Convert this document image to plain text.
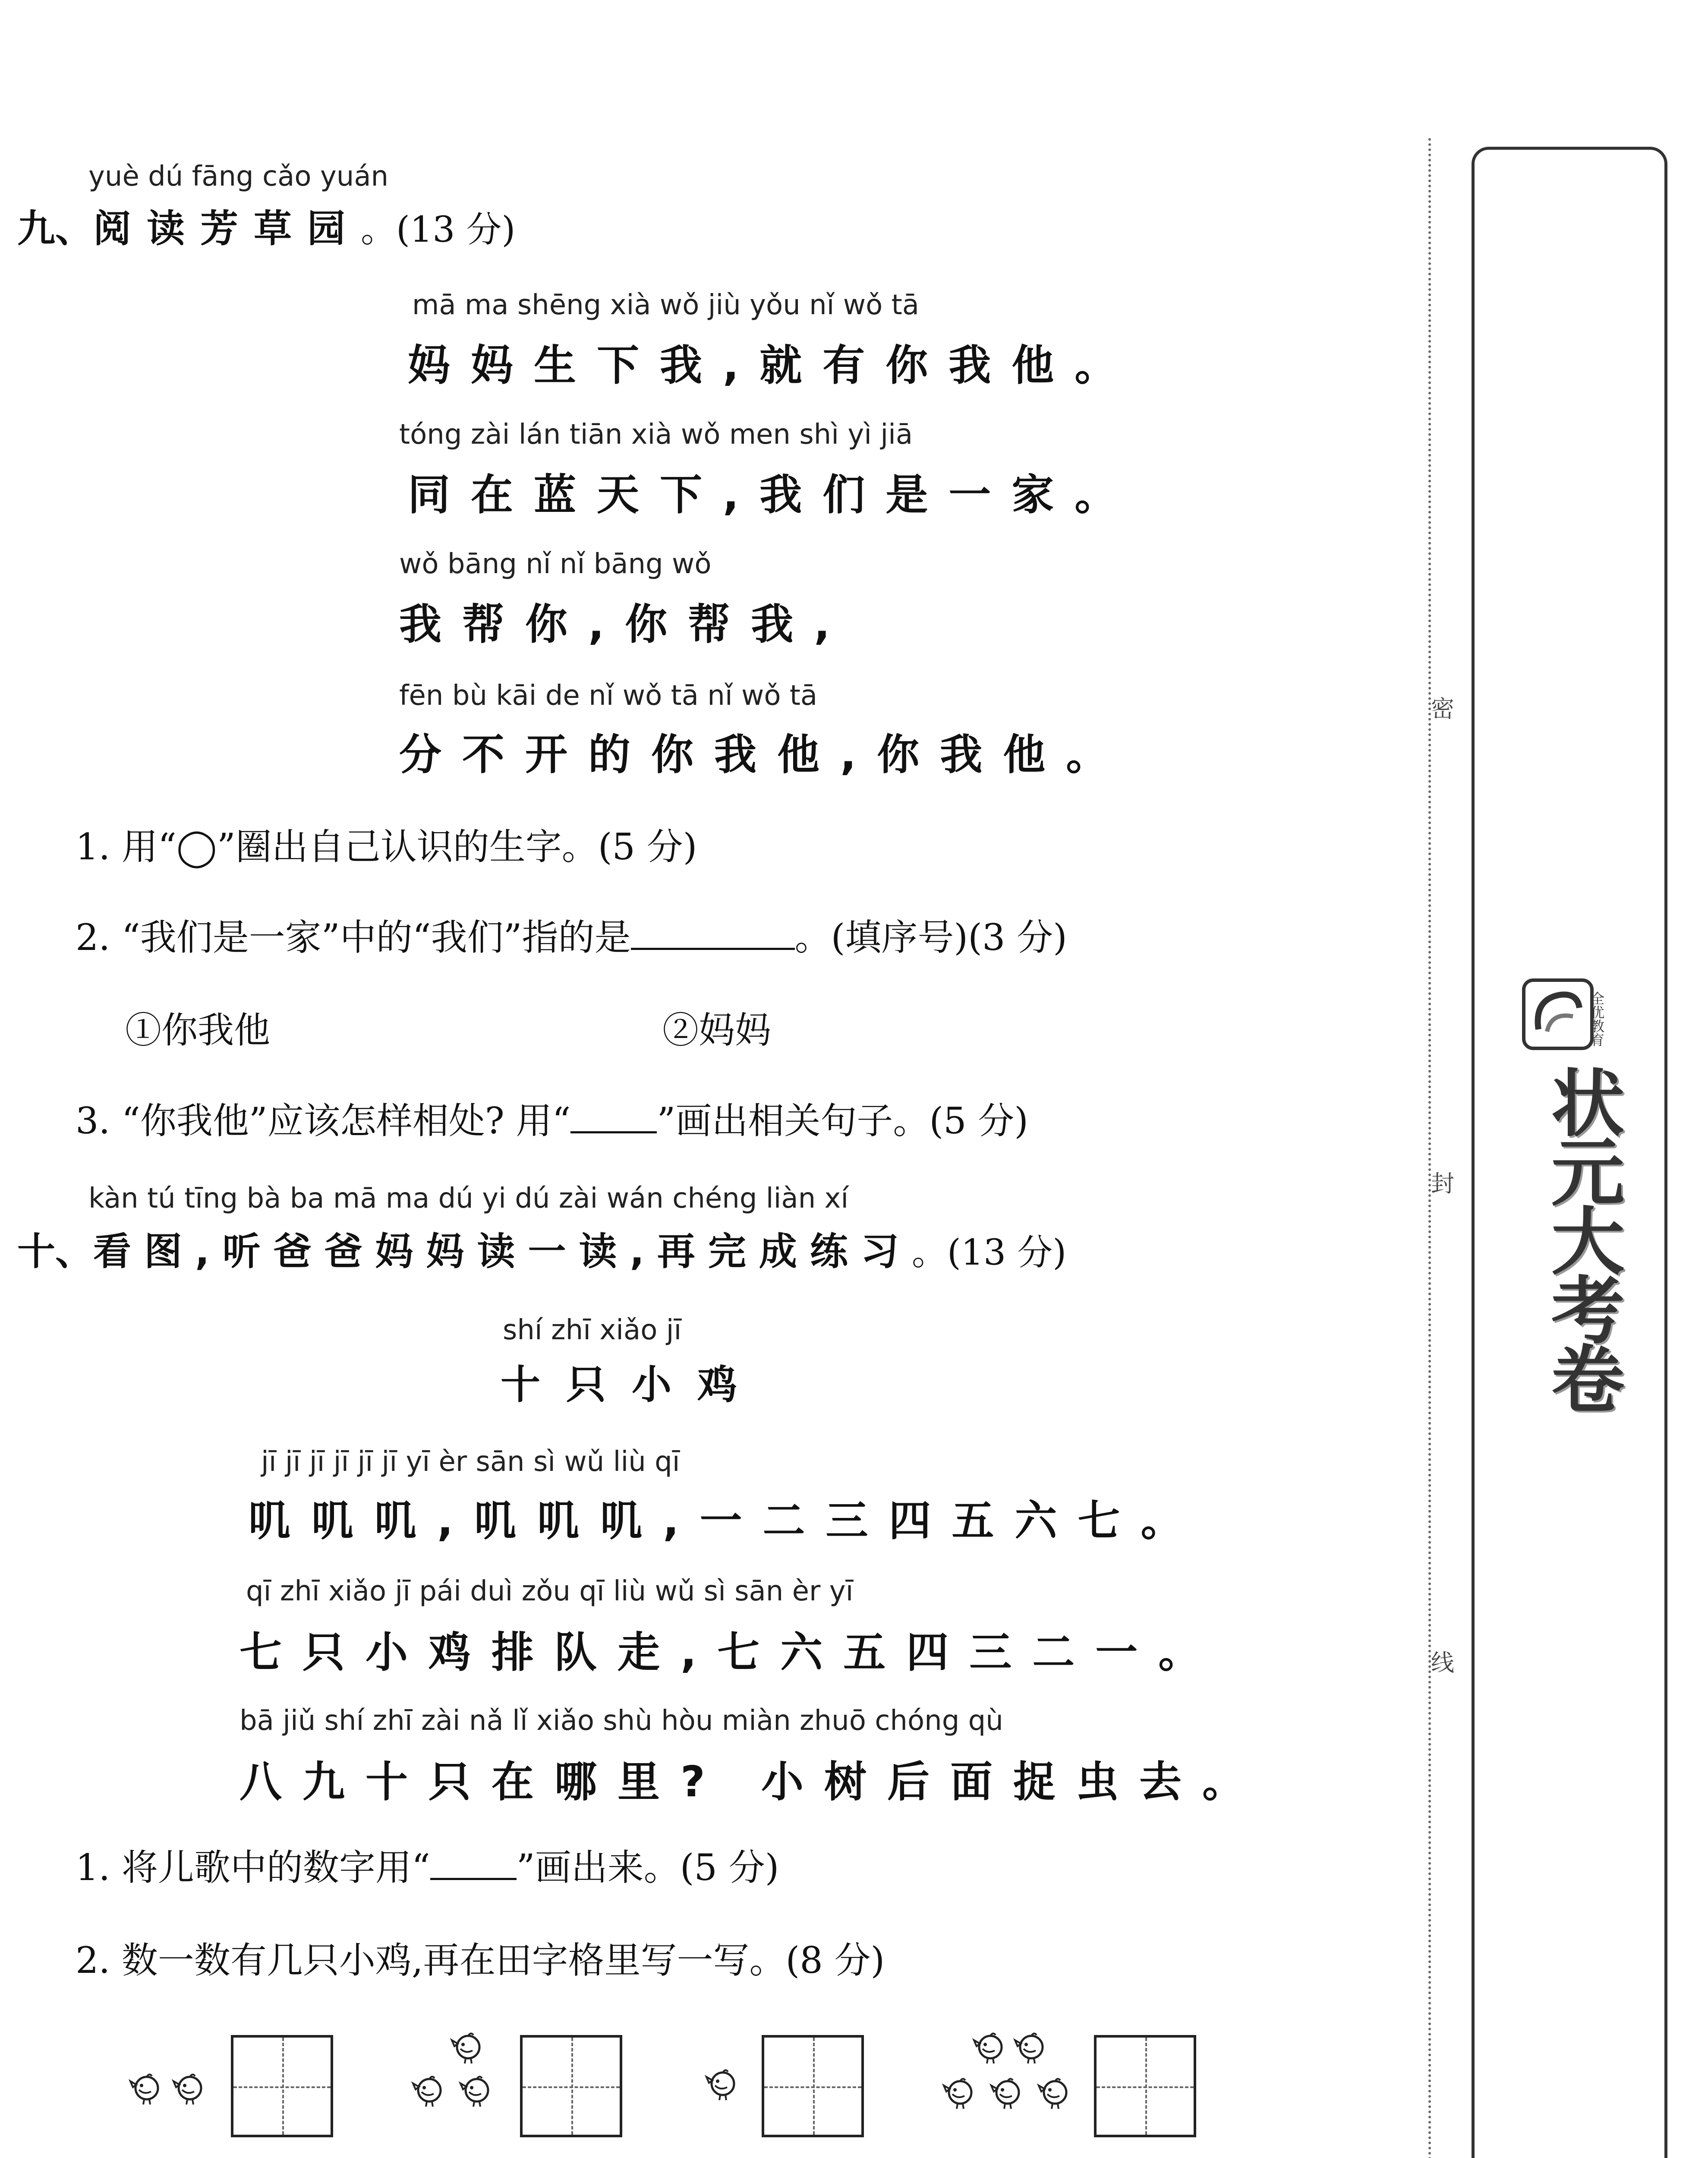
yuè dú fāng cǎo yuán
九、阅读芳草园。(13 分)
mā ma shēng xià wǒ jiù yǒu nǐ wǒ tā
妈妈生下我,就有你我他。
tóng zài lán tiān xià wǒ men shì yì jiā
同在蓝天下,我们是一家。
wǒ bāng nǐ nǐ bāng wǒ
我帮你,你帮我,
fēn bù kāi de nǐ wǒ tā nǐ wǒ tā
分不开的你我他,你我他。
1. 用“◯”圈出自己认识的生字。(5 分)
2. “我们是一家”中的“我们”指的是	。(填序号)(3 分)
①你我他	②妈妈
3. “你我他”应该怎样相处? 用“ ”画出相关句子。(5 分)
kàn tú tīng bà ba mā ma dú yi dú zài wán chéng liàn xí
十、看图,听爸爸妈妈读一读,再完成练习。(13 分)
shí zhī xiǎo jī
十只小鸡
jī jī jī jī jī jī yī èr sān sì wǔ liù qī
叽叽叽,叽叽叽,一二三四五六七。
qī zhī xiǎo jī pái duì zǒu qī liù wǔ sì sān èr yī
七只小鸡排队走,七六五四三二一。
bā jiǔ shí zhī zài nǎ lǐ xiǎo shù hòu miàn zhuō chóng qù
八九十只在哪里? 小树后面捉虫去。
1. 将儿歌中的数字用“ ”画出来。(5 分)
2. 数一数有几只小鸡,再在田字格里写一写。(8 分)
密
封
线
全优教育
状元大考卷
